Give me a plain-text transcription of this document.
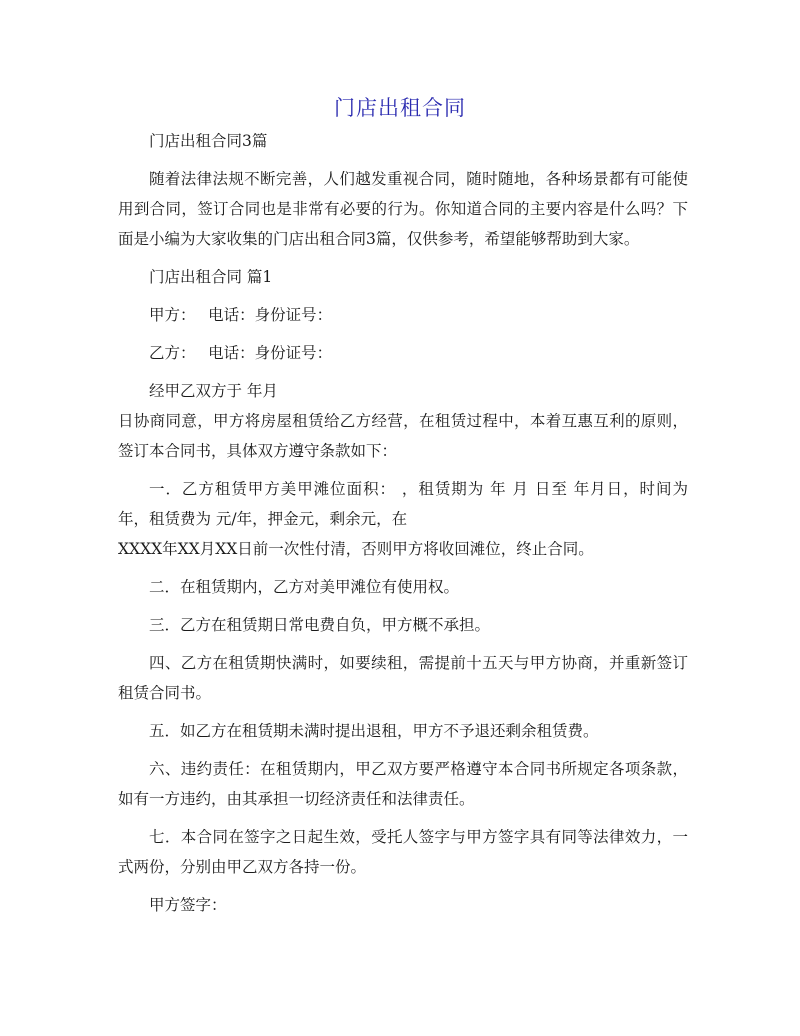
门店出租合同

门店出租合同3篇

随着法律法规不断完善，人们越发重视合同，随时随地，各种场景都有可能使用到合同，签订合同也是非常有必要的行为。你知道合同的主要内容是什么吗？下面是小编为大家收集的门店出租合同3篇，仅供参考，希望能够帮助到大家。

门店出租合同 篇1

甲方：　 电话：身份证号：

乙方：　 电话：身份证号：

经甲乙双方于 年月

日协商同意，甲方将房屋租赁给乙方经营，在租赁过程中，本着互惠互利的原则，签订本合同书，具体双方遵守条款如下：

一．乙方租赁甲方美甲滩位面积： ，租赁期为 年 月 日至 年月日，时间为 年，租赁费为 元/年，押金元，剩余元，在

XXXX年XX月XX日前一次性付清，否则甲方将收回滩位，终止合同。

二．在租赁期内，乙方对美甲滩位有使用权。

三．乙方在租赁期日常电费自负，甲方概不承担。

四、乙方在租赁期快满时，如要续租，需提前十五天与甲方协商，并重新签订租赁合同书。

五．如乙方在租赁期未满时提出退租，甲方不予退还剩余租赁费。

六、违约责任：在租赁期内，甲乙双方要严格遵守本合同书所规定各项条款，如有一方违约，由其承担一切经济责任和法律责任。

七．本合同在签字之日起生效，受托人签字与甲方签字具有同等法律效力，一式两份，分别由甲乙双方各持一份。

甲方签字：
